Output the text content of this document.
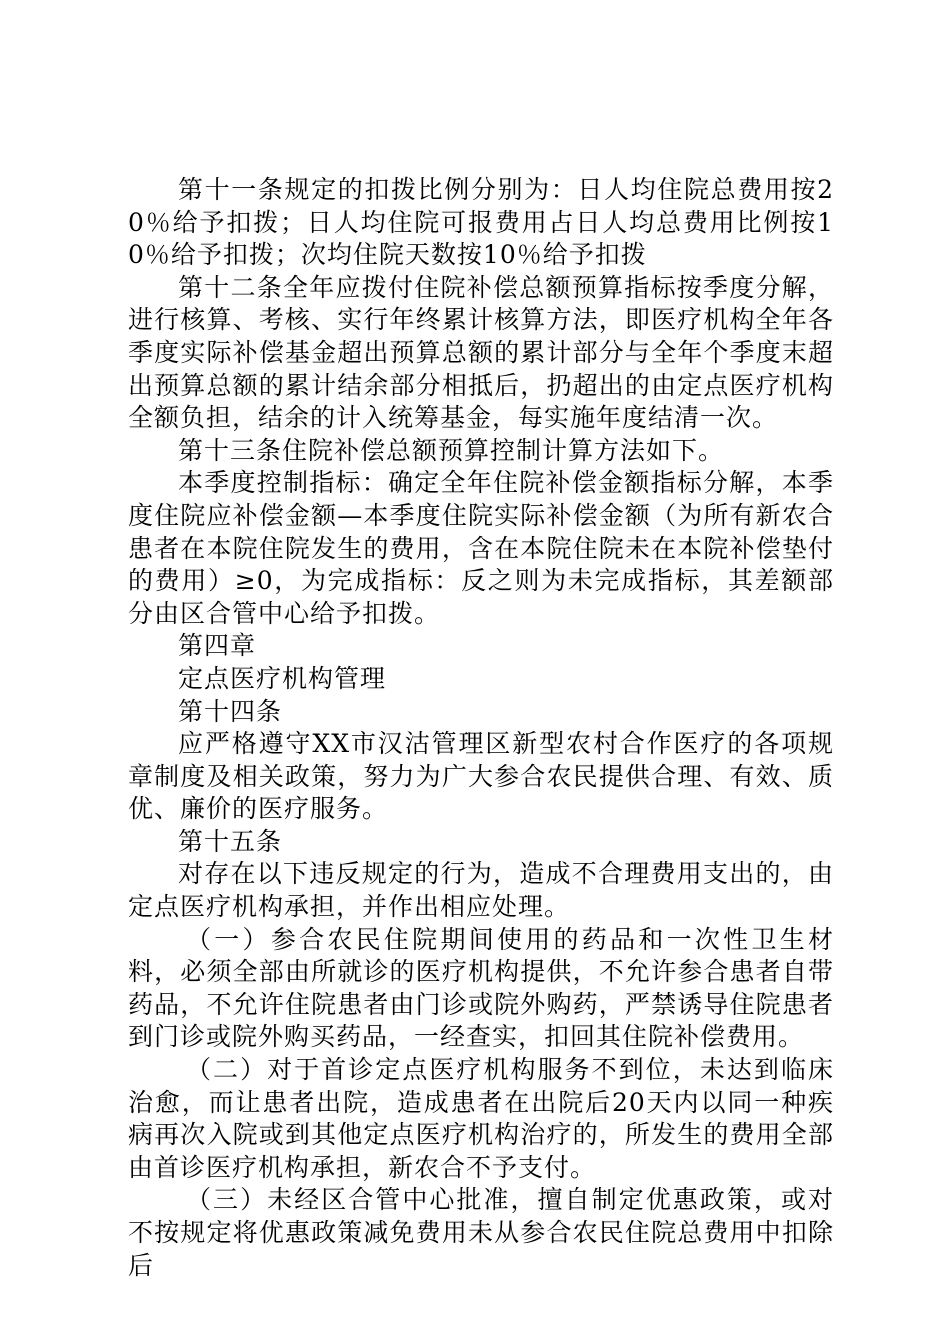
第十一条规定的扣拨比例分别为：日人均住院总费用按20％给予扣拨；日人均住院可报费用占日人均总费用比例按10％给予扣拨；次均住院天数按10％给予扣拨

第十二条全年应拨付住院补偿总额预算指标按季度分解，进行核算、考核、实行年终累计核算方法，即医疗机构全年各季度实际补偿基金超出预算总额的累计部分与全年个季度末超出预算总额的累计结余部分相抵后，扔超出的由定点医疗机构全额负担，结余的计入统筹基金，每实施年度结清一次。

第十三条住院补偿总额预算控制计算方法如下。

本季度控制指标：确定全年住院补偿金额指标分解，本季度住院应补偿金额—本季度住院实际补偿金额（为所有新农合患者在本院住院发生的费用，含在本院住院未在本院补偿垫付的费用）≥0，为完成指标：反之则为未完成指标，其差额部分由区合管中心给予扣拨。

第四章

定点医疗机构管理

第十四条

应严格遵守XX市汉沽管理区新型农村合作医疗的各项规章制度及相关政策，努力为广大参合农民提供合理、有效、质优、廉价的医疗服务。

第十五条

对存在以下违反规定的行为，造成不合理费用支出的，由定点医疗机构承担，并作出相应处理。

（一）参合农民住院期间使用的药品和一次性卫生材料，必须全部由所就诊的医疗机构提供，不允许参合患者自带药品，不允许住院患者由门诊或院外购药，严禁诱导住院患者到门诊或院外购买药品，一经查实，扣回其住院补偿费用。

（二）对于首诊定点医疗机构服务不到位，未达到临床治愈，而让患者出院，造成患者在出院后20天内以同一种疾病再次入院或到其他定点医疗机构治疗的，所发生的费用全部由首诊医疗机构承担，新农合不予支付。

（三）未经区合管中心批准，擅自制定优惠政策，或对不按规定将优惠政策减免费用未从参合农民住院总费用中扣除后
